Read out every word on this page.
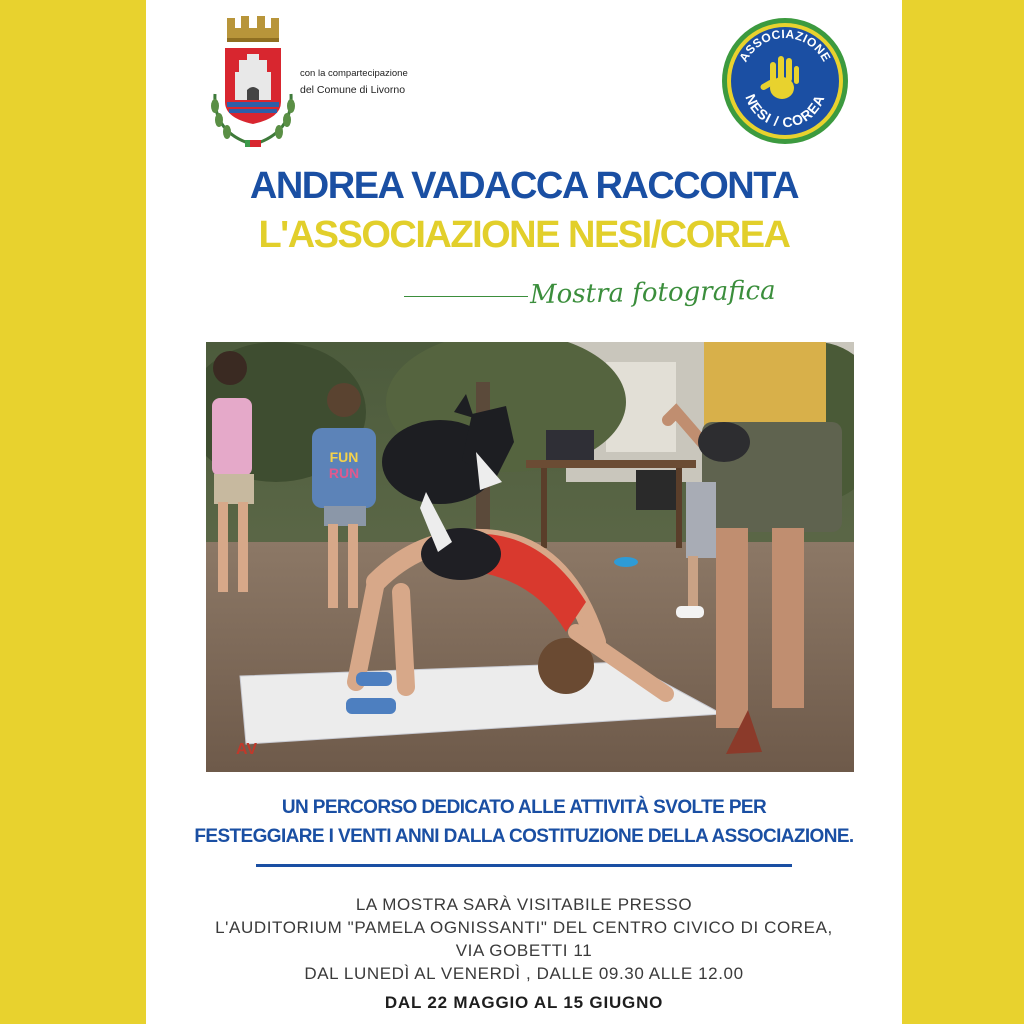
con la compartecipazione
del Comune di Livorno
ASSOCIAZIONE
NESI / COREA
ANDREA VADACCA RACCONTA
L'ASSOCIAZIONE NESI/COREA
Mostra fotografica
FUN
RUN
AV
UN PERCORSO DEDICATO ALLE ATTIVITÀ SVOLTE PER
FESTEGGIARE I VENTI ANNI DALLA COSTITUZIONE DELLA ASSOCIAZIONE.
LA MOSTRA SARÀ VISITABILE PRESSO
L'AUDITORIUM "PAMELA OGNISSANTI" DEL CENTRO CIVICO DI COREA,
VIA GOBETTI 11
DAL LUNEDÌ AL VENERDÌ , DALLE 09.30 ALLE 12.00
DAL 22 MAGGIO AL 15 GIUGNO
